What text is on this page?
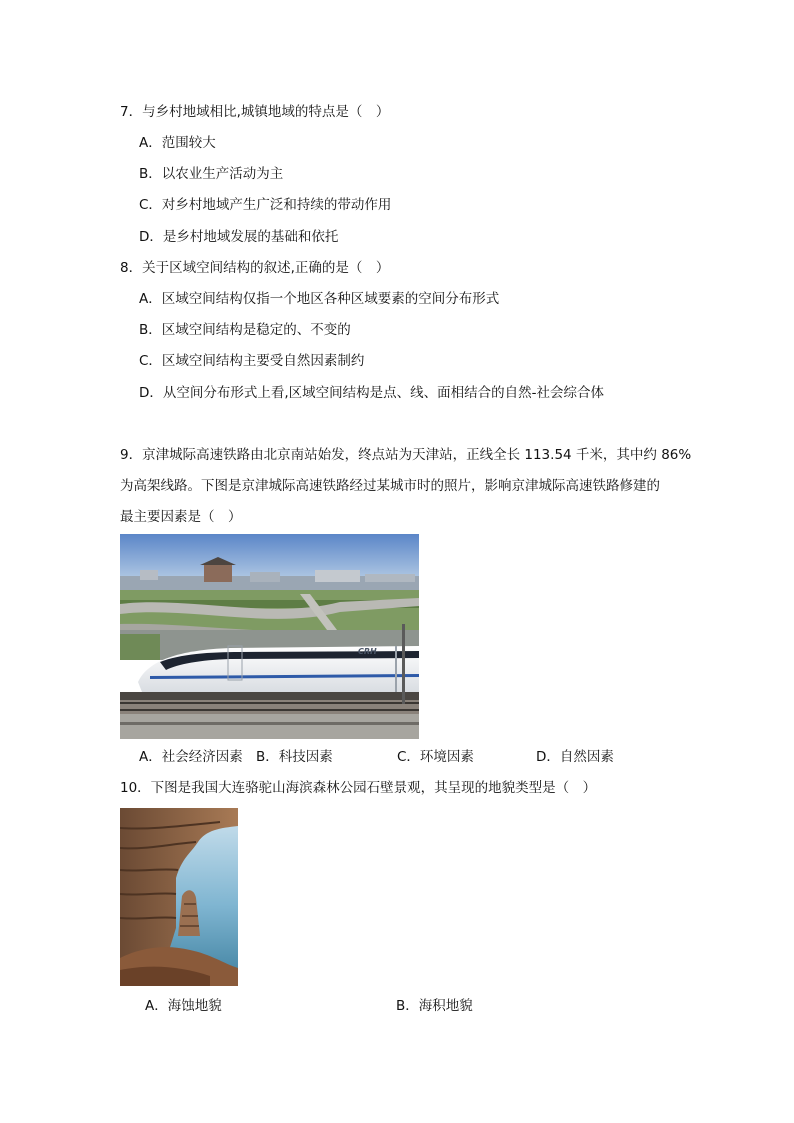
7．与乡村地域相比,城镇地域的特点是（　）
A．范围较大
B．以农业生产活动为主
C．对乡村地域产生广泛和持续的带动作用
D．是乡村地域发展的基础和依托
8．关于区域空间结构的叙述,正确的是（　）
A．区域空间结构仅指一个地区各种区域要素的空间分布形式
B．区域空间结构是稳定的、不变的
C．区域空间结构主要受自然因素制约
D．从空间分布形式上看,区域空间结构是点、线、面相结合的自然-社会综合体
9．京津城际高速铁路由北京南站始发，终点站为天津站，正线全长 113.54 千米，其中约 86%
为高架线路。下图是京津城际高速铁路经过某城市时的照片，影响京津城际高速铁路修建的
最主要因素是（　）
CRH
A．社会经济因素 B．科技因素	C．环境因素	D．自然因素
10．下图是我国大连骆驼山海滨森林公园石壁景观，其呈现的地貌类型是（　）
A．海蚀地貌	B．海积地貌
